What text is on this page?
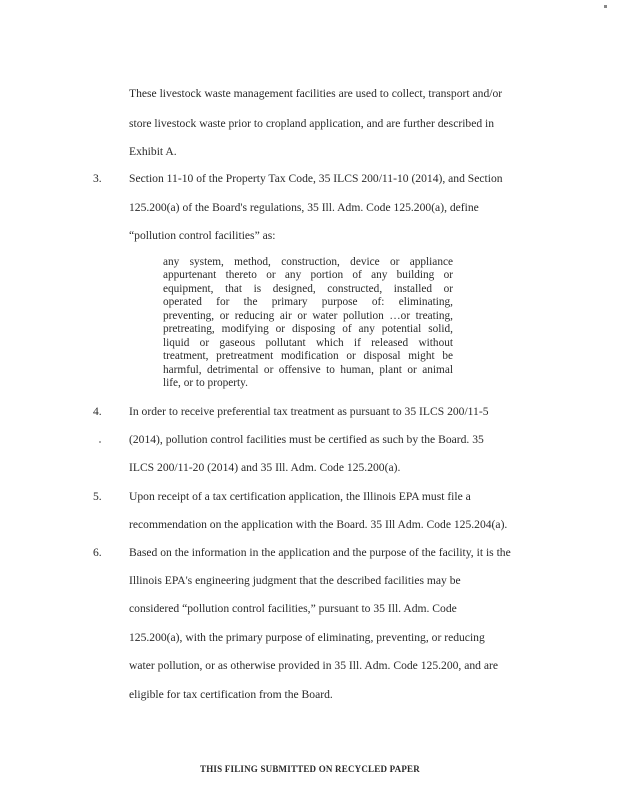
These livestock waste management facilities are used to collect, transport and/or
store livestock waste prior to cropland application, and are further described in
Exhibit A.
3. Section 11-10 of the Property Tax Code, 35 ILCS 200/11-10 (2014), and Section
125.200(a) of the Board's regulations, 35 Ill. Adm. Code 125.200(a), define
“pollution control facilities” as:
any system, method, construction, device or appliance
appurtenant thereto or any portion of any building or
equipment, that is designed, constructed, installed or
operated for the primary purpose of: eliminating,
preventing, or reducing air or water pollution …or treating,
pretreating, modifying or disposing of any potential solid,
liquid or gaseous pollutant which if released without
treatment, pretreatment modification or disposal might be
harmful, detrimental or offensive to human, plant or animal
life, or to property.
4. In order to receive preferential tax treatment as pursuant to 35 ILCS 200/11-5
(2014), pollution control facilities must be certified as such by the Board. 35
ILCS 200/11-20 (2014) and 35 Ill. Adm. Code 125.200(a).
5. Upon receipt of a tax certification application, the Illinois EPA must file a
recommendation on the application with the Board. 35 Ill Adm. Code 125.204(a).
6. Based on the information in the application and the purpose of the facility, it is the
Illinois EPA's engineering judgment that the described facilities may be
considered “pollution control facilities,” pursuant to 35 Ill. Adm. Code
125.200(a), with the primary purpose of eliminating, preventing, or reducing
water pollution, or as otherwise provided in 35 Ill. Adm. Code 125.200, and are
eligible for tax certification from the Board.
THIS FILING SUBMITTED ON RECYCLED PAPER
